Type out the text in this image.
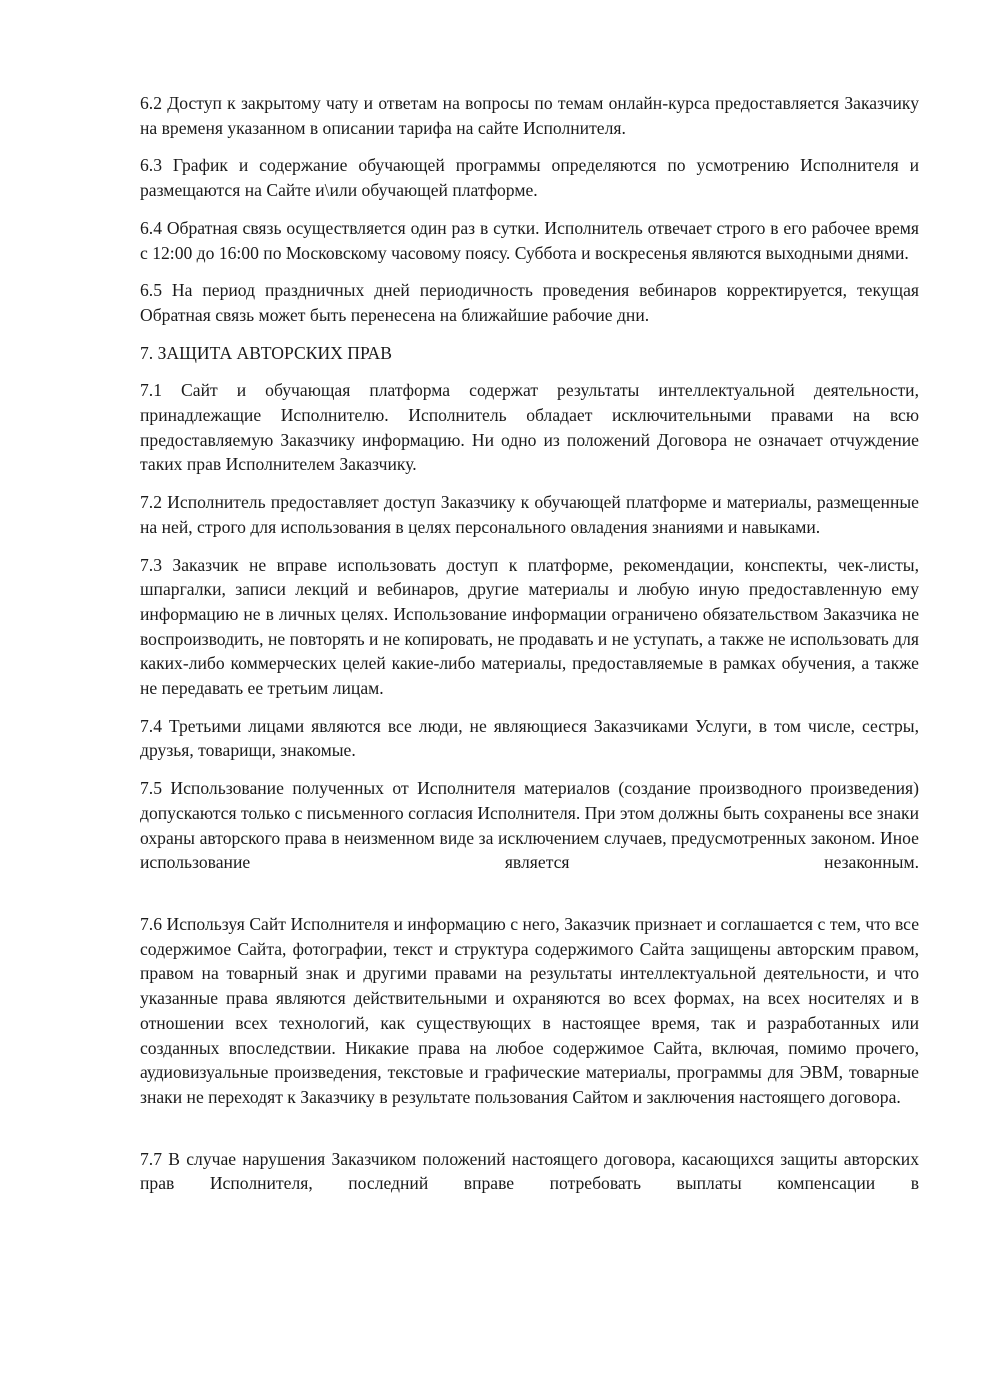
6.2 Доступ к закрытому чату и ответам на вопросы по темам онлайн-курса предоставляется Заказчику на временя указанном в описании тарифа на сайте Исполнителя.

6.3 График и содержание обучающей программы определяются по усмотрению Исполнителя и размещаются на Сайте и\или обучающей платформе.

6.4 Обратная связь осуществляется один раз в сутки. Исполнитель отвечает строго в его рабочее время с 12:00 до 16:00 по Московскому часовому поясу. Суббота и воскресенья являются выходными днями.

6.5 На период праздничных дней периодичность проведения вебинаров корректируется, текущая Обратная связь может быть перенесена на ближайшие рабочие дни.

7. ЗАЩИТА АВТОРСКИХ ПРАВ

7.1 Сайт и обучающая платформа содержат результаты интеллектуальной деятельности, принадлежащие Исполнителю. Исполнитель обладает исключительными правами на всю предоставляемую Заказчику информацию. Ни одно из положений Договора не означает отчуждение таких прав Исполнителем Заказчику.

7.2 Исполнитель предоставляет доступ Заказчику к обучающей платформе и материалы, размещенные на ней, строго для использования в целях персонального овладения знаниями и навыками.

7.3 Заказчик не вправе использовать доступ к платформе, рекомендации, конспекты, чек-листы, шпаргалки, записи лекций и вебинаров, другие материалы и любую иную предоставленную ему информацию не в личных целях. Использование информации ограничено обязательством Заказчика не воспроизводить, не повторять и не копировать, не продавать и не уступать, а также не использовать для каких-либо коммерческих целей какие-либо материалы, предоставляемые в рамках обучения, а также не передавать ее третьим лицам.

7.4 Третьими лицами являются все люди, не являющиеся Заказчиками Услуги, в том числе, сестры, друзья, товарищи, знакомые.

7.5 Использование полученных от Исполнителя материалов (создание производного произведения) допускаются только с письменного согласия Исполнителя. При этом должны быть сохранены все знаки охраны авторского права в неизменном виде за исключением случаев, предусмотренных законом. Иное использование является незаконным.

7.6 Используя Сайт Исполнителя и информацию с него, Заказчик признает и соглашается с тем, что все содержимое Сайта, фотографии, текст и структура содержимого Сайта защищены авторским правом, правом на товарный знак и другими правами на результаты интеллектуальной деятельности, и что указанные права являются действительными и охраняются во всех формах, на всех носителях и в отношении всех технологий, как существующих в настоящее время, так и разработанных или созданных впоследствии. Никакие права на любое содержимое Сайта, включая, помимо прочего, аудиовизуальные произведения, текстовые и графические материалы, программы для ЭВМ, товарные знаки не переходят к Заказчику в результате пользования Сайтом и заключения настоящего договора.

7.7 В случае нарушения Заказчиком положений настоящего договора, касающихся защиты авторских прав Исполнителя, последний вправе потребовать выплаты компенсации в
